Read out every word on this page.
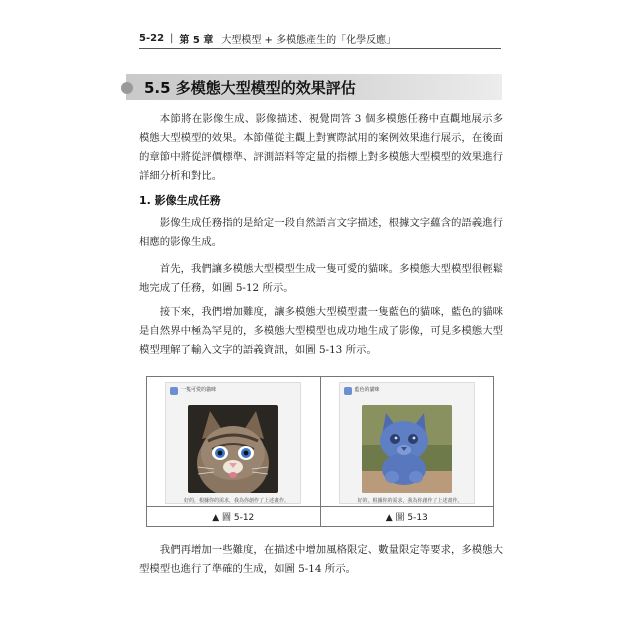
5-22 | 第 5 章 大型模型 + 多模態產生的「化學反應」
5.5 多模態大型模型的效果評估

本節將在影像生成、影像描述、視覺問答 3 個多模態任務中直觀地展示多模態大型模型的效果。本節僅從主觀上對實際試用的案例效果進行展示，在後面的章節中將從評價標準、評測語料等定量的指標上對多模態大型模型的效果進行詳細分析和對比。

1. 影像生成任務

影像生成任務指的是給定一段自然語言文字描述，根據文字蘊含的語義進行相應的影像生成。

首先，我們讓多模態大型模型生成一隻可愛的貓咪。多模態大型模型很輕鬆地完成了任務，如圖 5-12 所示。

接下來，我們增加難度，讓多模態大型模型畫一隻藍色的貓咪，藍色的貓咪是自然界中極為罕見的，多模態大型模型也成功地生成了影像，可見多模態大型模型理解了輸入文字的語義資訊，如圖 5-13 所示。

一隻可愛的貓咪
好的，根據你的需求，我為你創作了上述畫作。
藍色的貓咪
好的，根據你的需求，我為你創作了上述畫作。
▲ 圖 5-12	▲ 圖 5-13

我們再增加一些難度，在描述中增加風格限定、數量限定等要求，多模態大型模型也進行了準確的生成，如圖 5-14 所示。
